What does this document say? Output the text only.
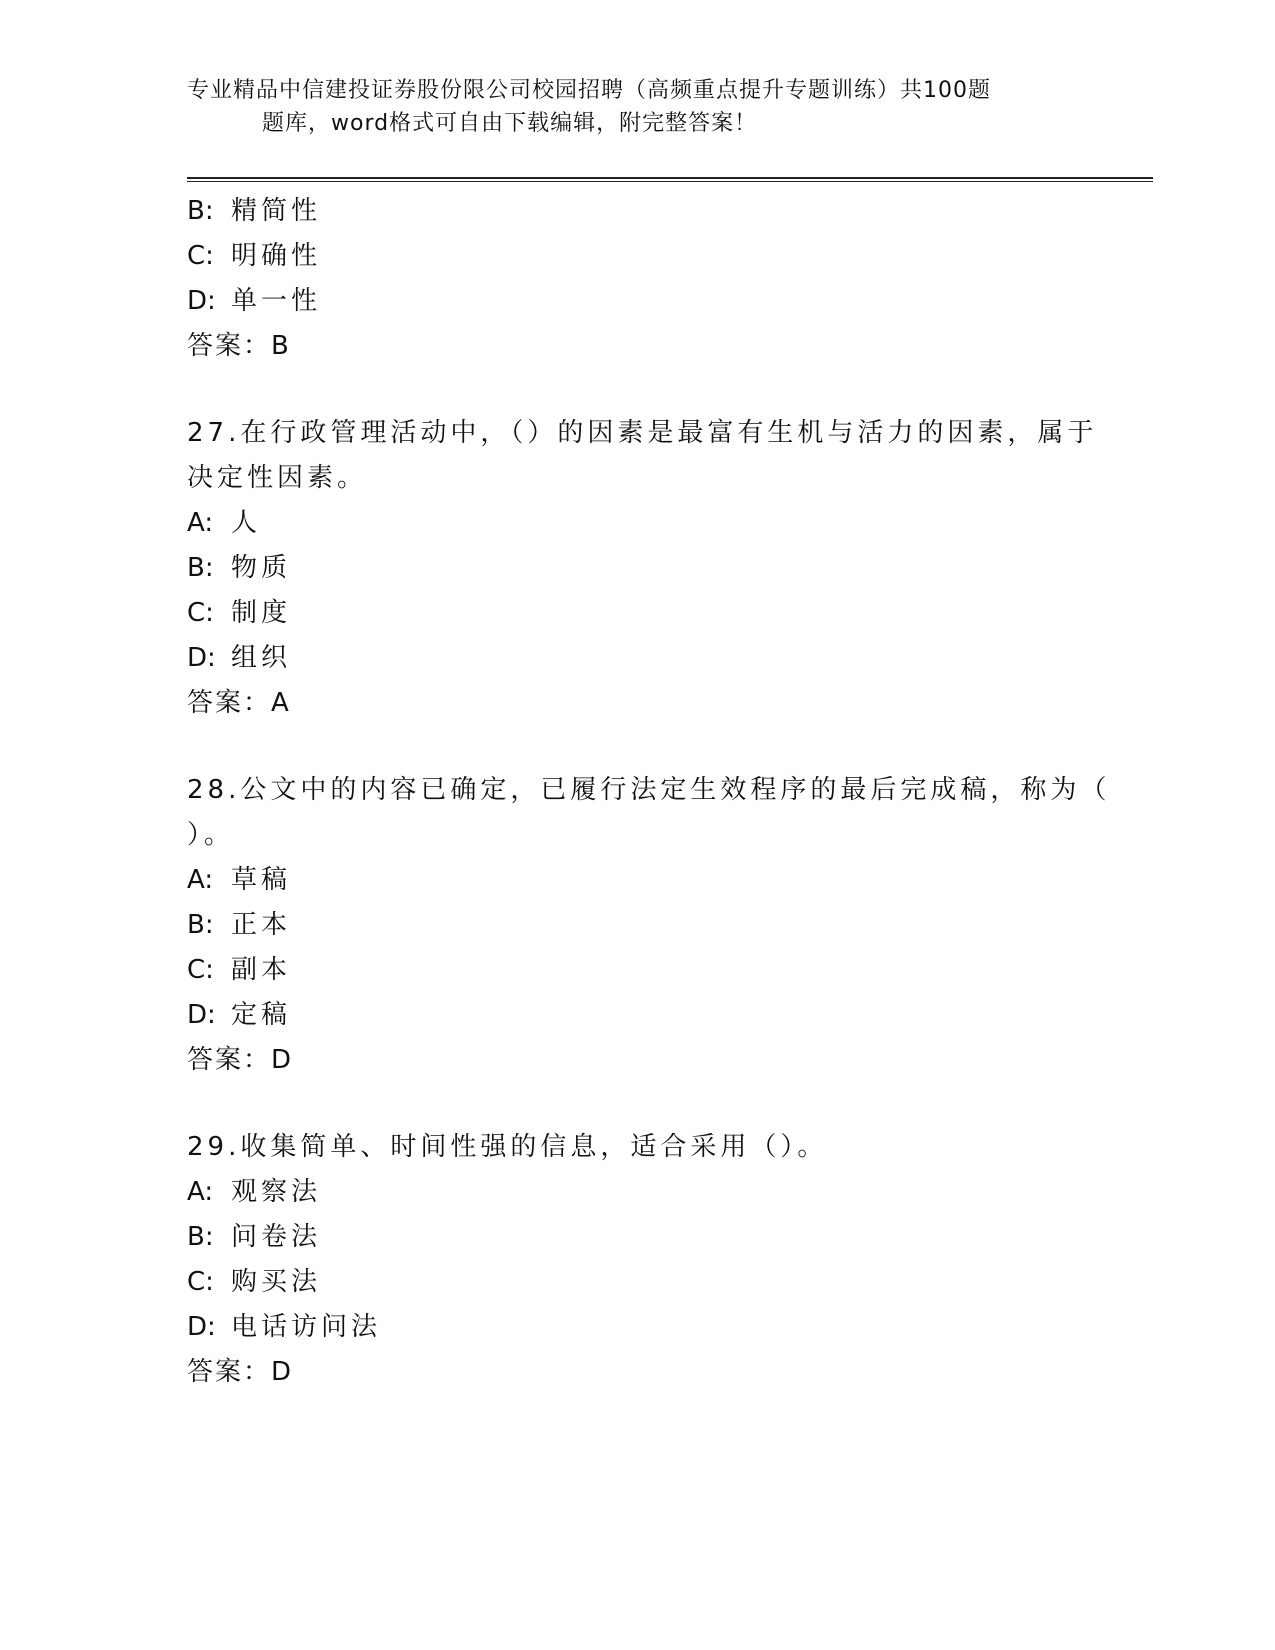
专业精品中信建投证券股份限公司校园招聘（高频重点提升专题训练）共100题
题库，word格式可自由下载编辑，附完整答案！
B: 精简性
C: 明确性
D: 单一性
答案：B
27.在行政管理活动中，（）的因素是最富有生机与活力的因素，属于
决定性因素。
A: 人
B: 物质
C: 制度
D: 组织
答案：A
28.公文中的内容已确定，已履行法定生效程序的最后完成稿，称为（
）。
A: 草稿
B: 正本
C: 副本
D: 定稿
答案：D
29.收集简单、时间性强的信息，适合采用（）。
A: 观察法
B: 问卷法
C: 购买法
D: 电话访问法
答案：D
